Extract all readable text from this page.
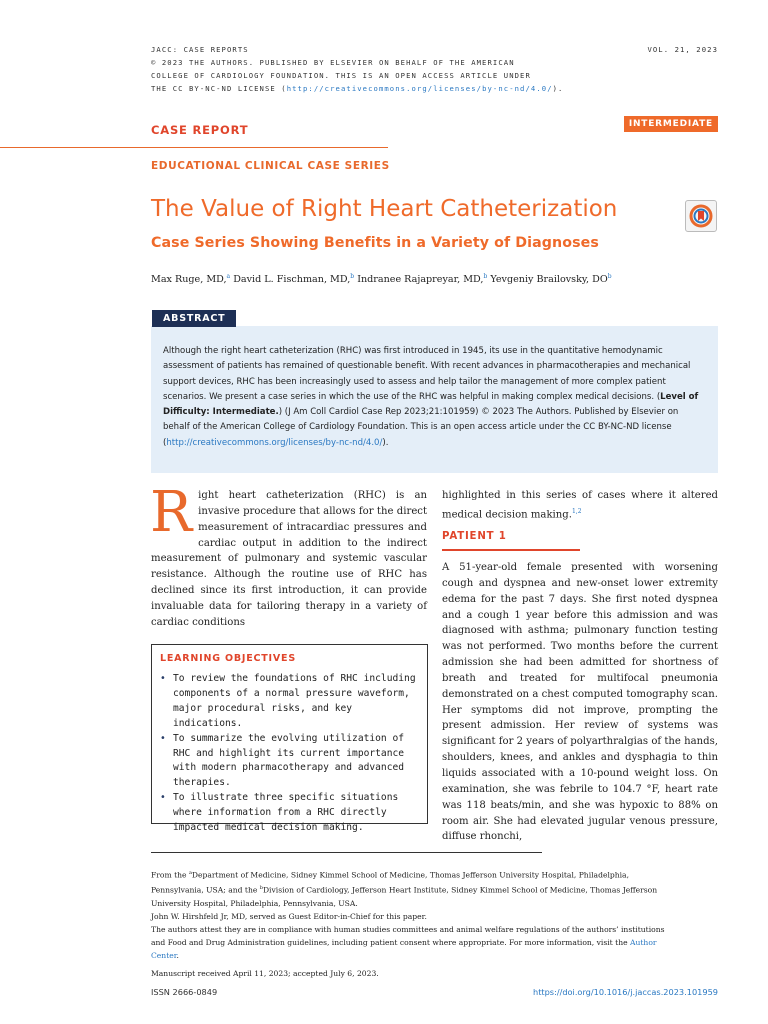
JACC: CASE REPORTS
© 2023 THE AUTHORS. PUBLISHED BY ELSEVIER ON BEHALF OF THE AMERICAN
COLLEGE OF CARDIOLOGY FOUNDATION. THIS IS AN OPEN ACCESS ARTICLE UNDER
THE CC BY-NC-ND LICENSE (http://creativecommons.org/licenses/by-nc-nd/4.0/).
VOL. 21, 2023
CASE REPORT	INTERMEDIATE
EDUCATIONAL CLINICAL CASE SERIES
The Value of Right Heart Catheterization
Case Series Showing Benefits in a Variety of Diagnoses
Max Ruge, MD,$^a$ David L. Fischman, MD,$^b$ Indranee Rajapreyar, MD,$^b$ Yevgeniy Brailovsky, $DO^b$
Although the right heart catheterization (RHC) was first introduced in 1945, its use in the quantitative hemodynamic assessment of patients has remained of questionable benefit. With recent advances in pharmacotherapies and mechanical support devices, RHC has been increasingly used to assess and help tailor the management of more complex patient scenarios. We present a case series in which the use of the RHC was helpful in making complex medical decisions. (Level of Difficulty: Intermediate.) (J Am Coll Cardiol Case Rep 2023;21:101959) © 2023 The Authors. Published by Elsevier on behalf of the American College of Cardiology Foundation. This is an open access article under the CC BY-NC-ND license (http://creativecommons.org/licenses/by-nc-nd/4.0/).
ABSTRACT
Right heart catheterization (RHC) is an invasive procedure that allows for the direct measurement of intracardiac pressures and cardiac output in addition to the indirect measurement of pulmonary and systemic vascular resistance. Although the routine use of RHC has declined since its first introduction, it can provide invaluable data for tailoring therapy in a variety of cardiac conditions
LEARNING OBJECTIVES
• To review the foundations of RHC including components of a normal pressure waveform, major procedural risks, and key indications.
• To summarize the evolving utilization of RHC and highlight its current importance with modern pharmacotherapy and advanced therapies.
• To illustrate three specific situations where information from a RHC directly impacted medical decision making.
highlighted in this series of cases where it altered medical decision making.$^{1,2}$
PATIENT 1
A 51-year-old female presented with worsening cough and dyspnea and new-onset lower extremity edema for the past 7 days. She first noted dyspnea and a cough 1 year before this admission and was diagnosed with asthma; pulmonary function testing was not performed. Two months before the current admission she had been admitted for shortness of breath and treated for multifocal pneumonia demonstrated on a chest computed tomography scan. Her symptoms did not improve, prompting the present admission. Her review of systems was significant for 2 years of polyarthralgias of the hands, shoulders, knees, and ankles and dysphagia to thin liquids associated with a 10-pound weight loss. On examination, she was febrile to 104.7 °F, heart rate was 118 beats/min, and she was hypoxic to 88% on room air. She had elevated jugular venous pressure, diffuse rhonchi,
From the $^a$Department of Medicine, Sidney Kimmel School of Medicine, Thomas Jefferson University Hospital, Philadelphia, Pennsylvania, USA; and the $^b$Division of Cardiology, Jefferson Heart Institute, Sidney Kimmel School of Medicine, Thomas Jefferson University Hospital, Philadelphia, Pennsylvania, USA.
John W. Hirshfeld Jr, MD, served as Guest Editor-in-Chief for this paper.
The authors attest they are in compliance with human studies committees and animal welfare regulations of the authors’ institutions and Food and Drug Administration guidelines, including patient consent where appropriate. For more information, visit the Author Center.
Manuscript received April 11, 2023; accepted July 6, 2023.
ISSN 2666-0849	https://doi.org/10.1016/j.jaccas.2023.101959
